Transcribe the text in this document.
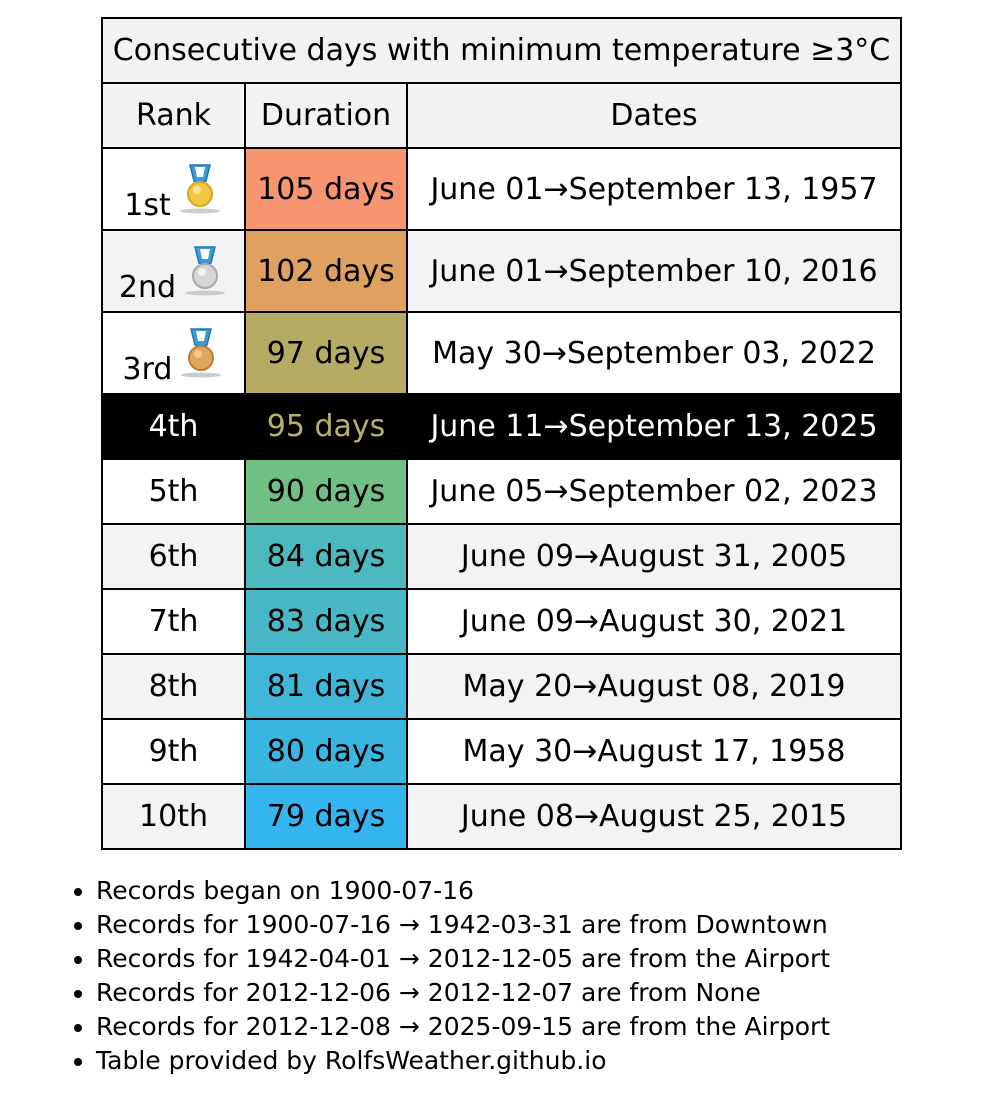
Consecutive days with minimum temperature ≥3°C		
Rank	Duration	Dates

1st	105 days	June 01→September 13, 1957

2nd	102 days	June 01→September 10, 2016

3rd	97 days	May 30→September 03, 2022
4th	95 days	June 11→September 13, 2025
5th	90 days	June 05→September 02, 2023
6th	84 days	June 09→August 31, 2005
7th	83 days	June 09→August 30, 2021
8th	81 days	May 20→August 08, 2019
9th	80 days	May 30→August 17, 1958
10th	79 days	June 08→August 25, 2015
• Records began on 1900-07-16
• Records for 1900-07-16 → 1942-03-31 are from Downtown
• Records for 1942-04-01 → 2012-12-05 are from the Airport
• Records for 2012-12-06 → 2012-12-07 are from None
• Records for 2012-12-08 → 2025-09-15 are from the Airport
• Table provided by RolfsWeather.github.io
